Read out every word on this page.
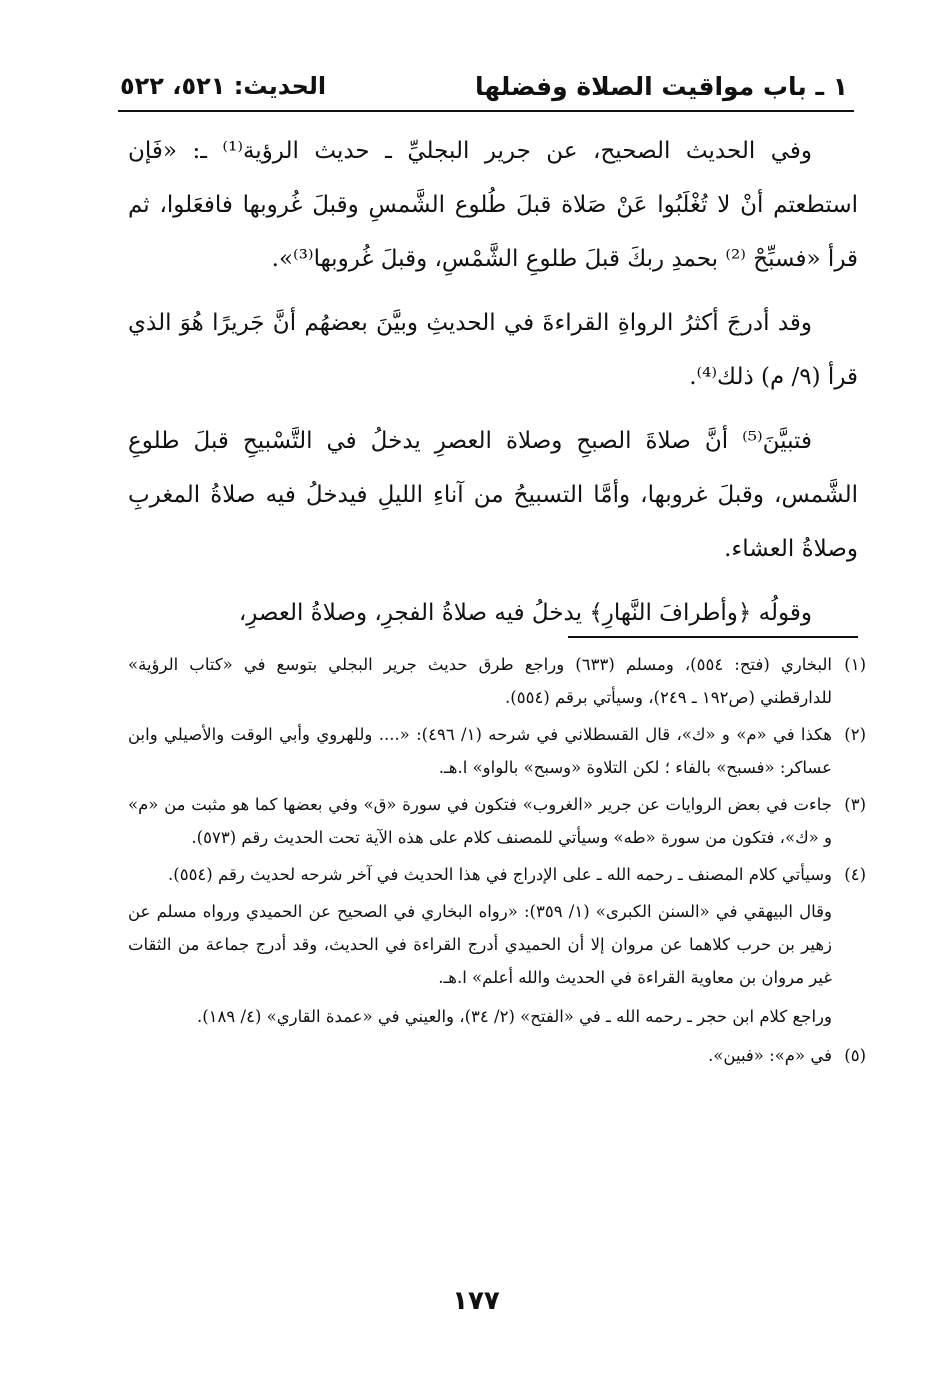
١ ـ باب مواقيت الصلاة وفضلها
الحديث: ٥٢١، ٥٢٢

وفي الحديث الصحيح، عن جرير البجليِّ ـ حديث الرؤية⁽¹⁾ ـ: «فَإن استطعتم أنْ لا تُغْلَبُوا عَنْ صَلاة قبلَ طُلوع الشَّمسِ وقبلَ غُروبها فافعَلوا، ثم قرأ «فسبِّحْ ⁽²⁾ بحمدِ ربكَ قبلَ طلوعِ الشَّمْسِ، وقبلَ غُروبها⁽³⁾».

وقد أدرجَ أكثرُ الرواةِ القراءةَ في الحديثِ وبيَّنَ بعضهُم أنَّ جَريرًا هُوَ الذي قرأ (٩/ م) ذلك⁽⁴⁾.

فتبيَّنَ⁽⁵⁾ أنَّ صلاةَ الصبحِ وصلاة العصرِ يدخلُ في التَّسْبيحِ قبلَ طلوعِ الشَّمس، وقبلَ غروبها، وأمَّا التسبيحُ من آناءِ الليلِ فيدخلُ فيه صلاةُ المغربِ وصلاةُ العشاء.

وقولُه ﴿وأطرافَ النَّهارِ﴾ يدخلُ فيه صلاةُ الفجرِ، وصلاةُ العصرِ،

(١)
البخاري (فتح: ٥٥٤)، ومسلم (٦٣٣) وراجع طرق حديث جرير البجلي بتوسع في «كتاب الرؤية» للدارقطني (ص١٩٢ ـ ٢٤٩)، وسيأتي برقم (٥٥٤).
(٢)
هكذا في «م» و «ك»، قال القسطلاني في شرحه (١/ ٤٩٦): «.... وللهروي وأبي الوقت والأصيلي وابن عساكر: «فسبح» بالفاء ؛ لكن التلاوة «وسبح» بالواو» ا.هـ.
(٣)
جاءت في بعض الروايات عن جرير «الغروب» فتكون في سورة «ق» وفي بعضها كما هو مثبت من «م» و «ك»، فتكون من سورة «طه» وسيأتي للمصنف كلام على هذه الآية تحت الحديث رقم (٥٧٣).
(٤)
وسيأتي كلام المصنف ـ رحمه الله ـ على الإدراج في هذا الحديث في آخر شرحه لحديث رقم (٥٥٤).

وقال البيهقي في «السنن الكبرى» (١/ ٣٥٩): «رواه البخاري في الصحيح عن الحميدي ورواه مسلم عن زهير بن حرب كلاهما عن مروان إلا أن الحميدي أدرج القراءة في الحديث، وقد أدرج جماعة من الثقات غير مروان بن معاوية القراءة في الحديث والله أعلم» ا.هـ.

وراجع كلام ابن حجر ـ رحمه الله ـ في «الفتح» (٢/ ٣٤)، والعيني في «عمدة القاري» (٤/ ١٨٩).

(٥)
في «م»: «فبين».
١٧٧
